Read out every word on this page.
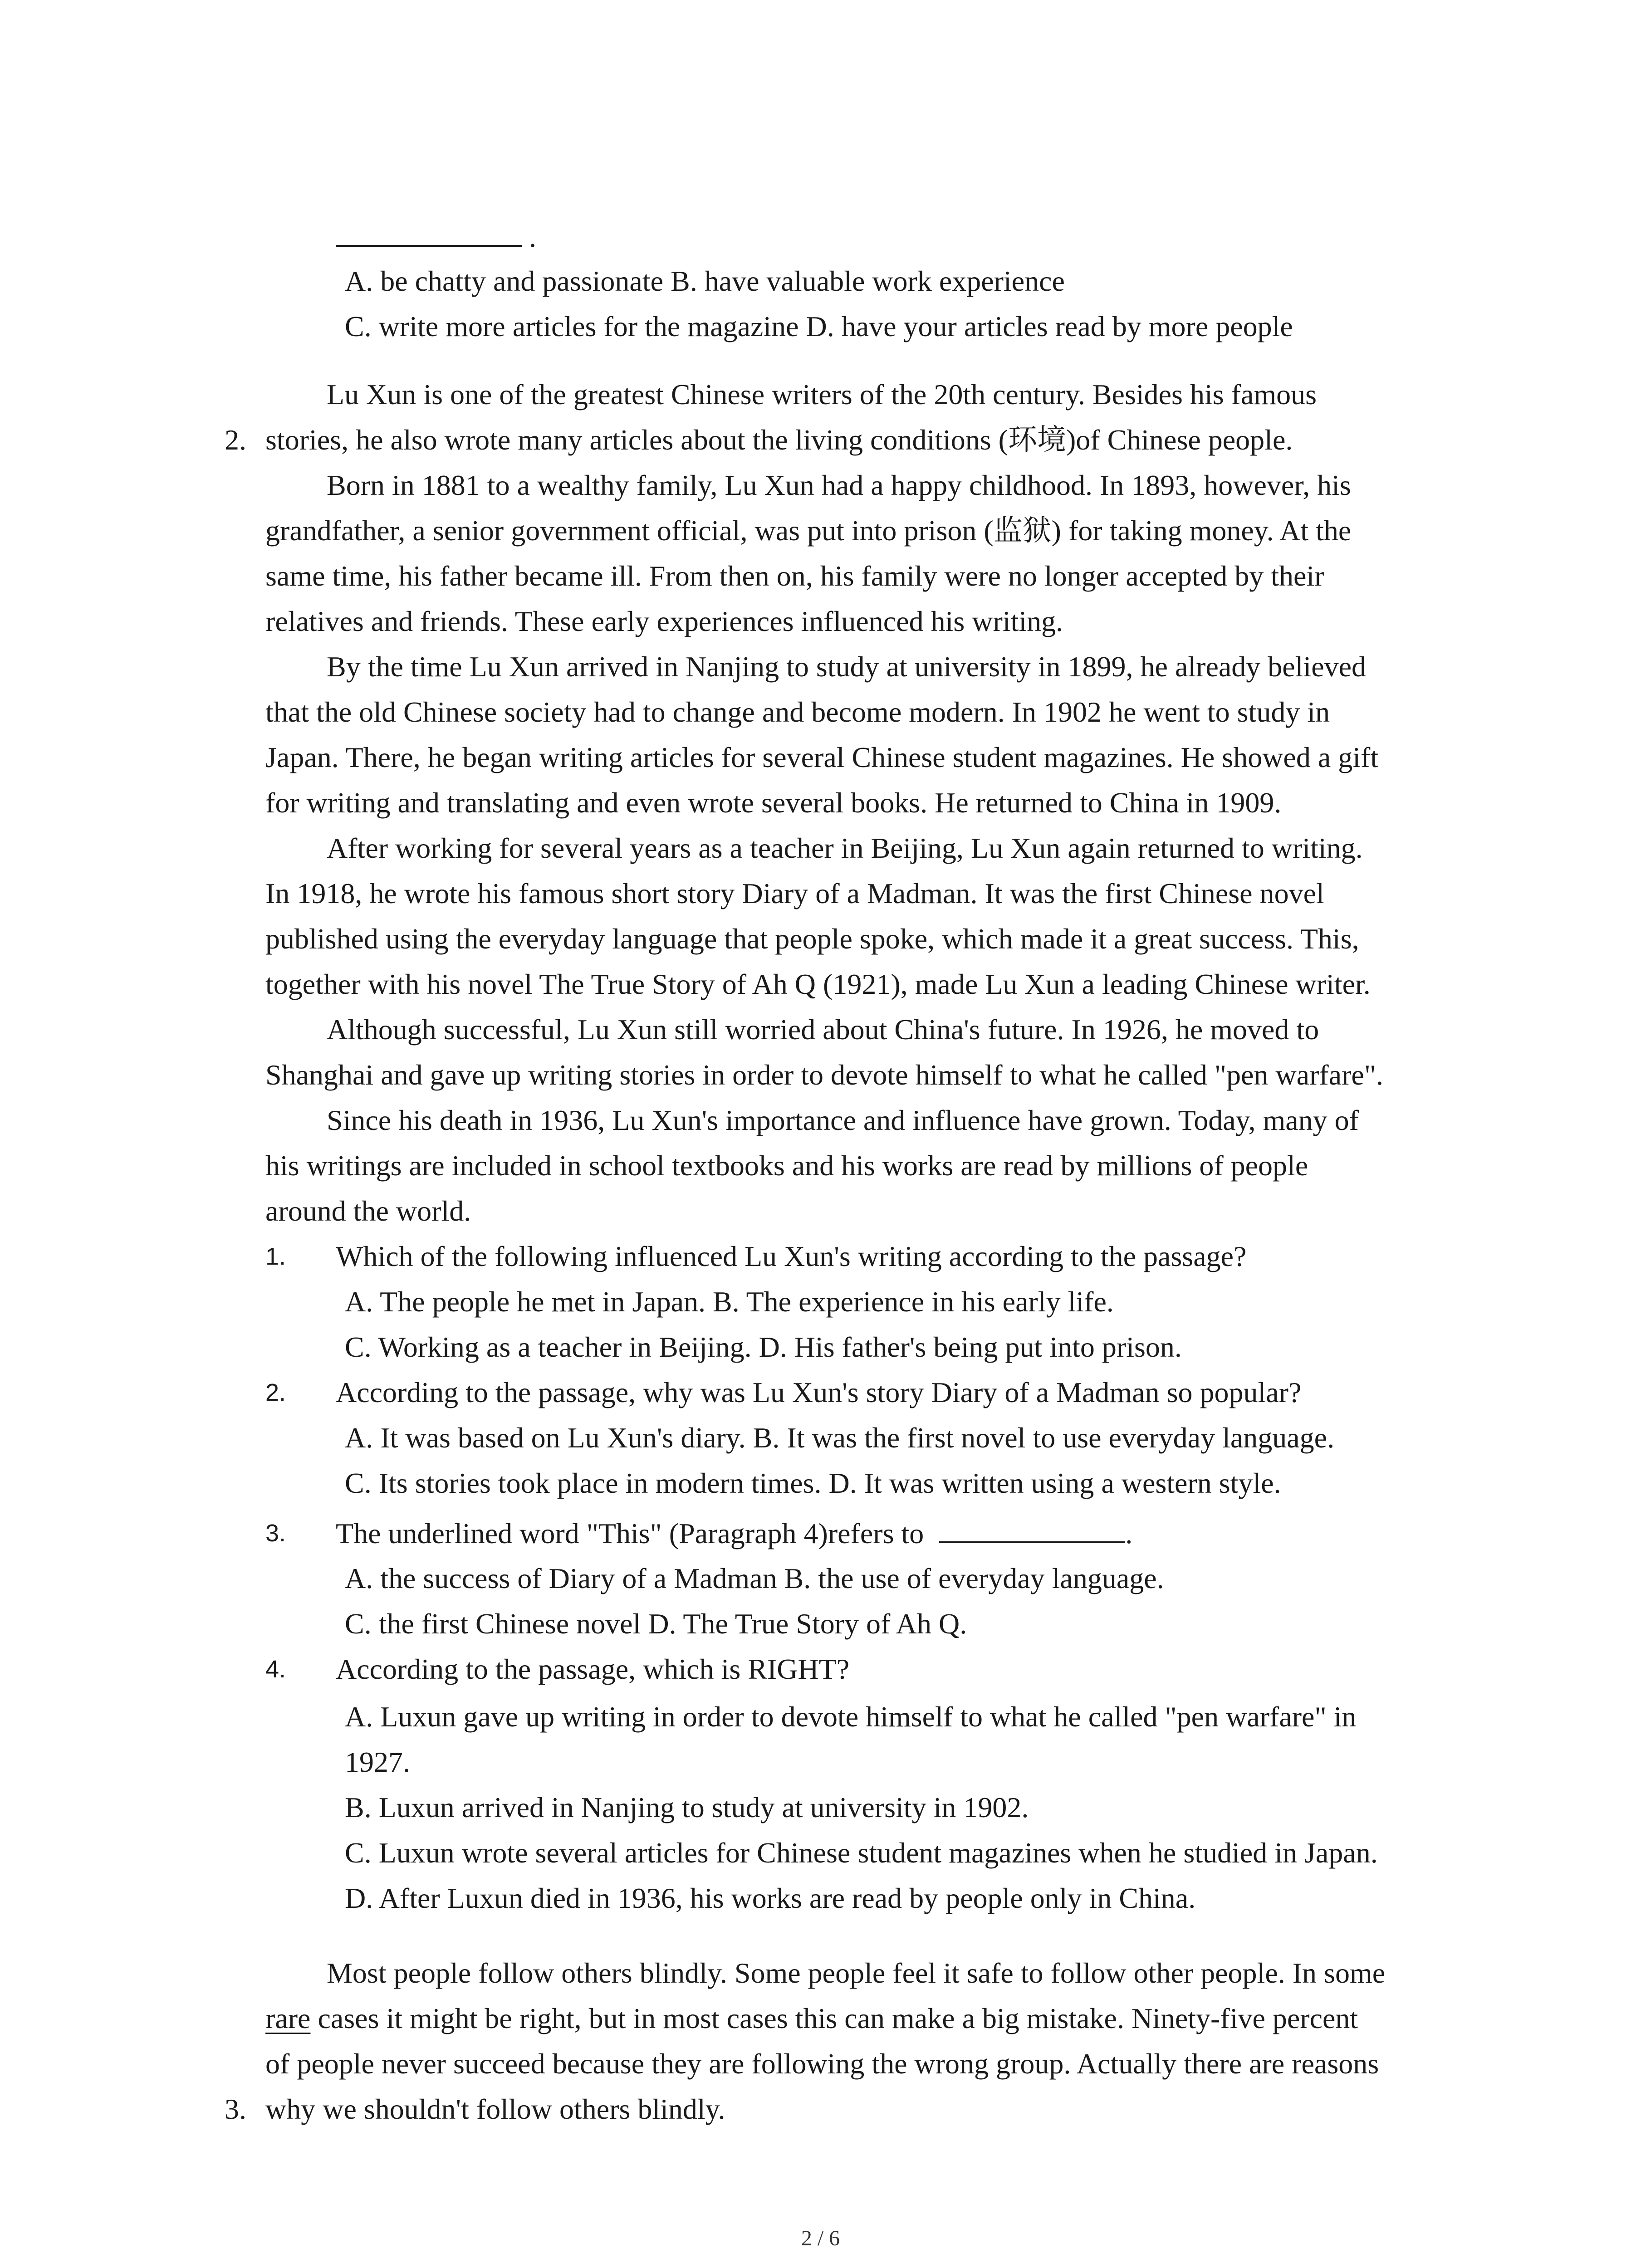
.
A. be chatty and passionate B. have valuable work experience
C. write more articles for the magazine D. have your articles read by more people
2.
Lu Xun is one of the greatest Chinese writers of the 20th century. Besides his famous
stories, he also wrote many articles about the living conditions (环境)of Chinese people.
Born in 1881 to a wealthy family, Lu Xun had a happy childhood. In 1893, however, his
grandfather, a senior government official, was put into prison (监狱) for taking money. At the
same time, his father became ill. From then on, his family were no longer accepted by their
relatives and friends. These early experiences influenced his writing.
By the time Lu Xun arrived in Nanjing to study at university in 1899, he already believed
that the old Chinese society had to change and become modern. In 1902 he went to study in
Japan. There, he began writing articles for several Chinese student magazines. He showed a gift
for writing and translating and even wrote several books. He returned to China in 1909.
After working for several years as a teacher in Beijing, Lu Xun again returned to writing.
In 1918, he wrote his famous short story Diary of a Madman. It was the first Chinese novel
published using the everyday language that people spoke, which made it a great success. This,
together with his novel The True Story of Ah Q (1921), made Lu Xun a leading Chinese writer.
Although successful, Lu Xun still worried about China's future. In 1926, he moved to
Shanghai and gave up writing stories in order to devote himself to what he called "pen warfare".
Since his death in 1936, Lu Xun's importance and influence have grown. Today, many of
his writings are included in school textbooks and his works are read by millions of people
around the world.
1. Which of the following influenced Lu Xun's writing according to the passage?
A. The people he met in Japan. B. The experience in his early life.
C. Working as a teacher in Beijing. D. His father's being put into prison.
2. According to the passage, why was Lu Xun's story Diary of a Madman so popular?
A. It was based on Lu Xun's diary. B. It was the first novel to use everyday language.
C. Its stories took place in modern times. D. It was written using a western style.
3. The underlined word "This" (Paragraph 4)refers to	.
A. the success of Diary of a Madman B. the use of everyday language.
C. the first Chinese novel D. The True Story of Ah Q.
4. According to the passage, which is RIGHT?
A. Luxun gave up writing in order to devote himself to what he called "pen warfare" in
1927.
B. Luxun arrived in Nanjing to study at university in 1902.
C. Luxun wrote several articles for Chinese student magazines when he studied in Japan.
D. After Luxun died in 1936, his works are read by people only in China.
Most people follow others blindly. Some people feel it safe to follow other people. In some
rare cases it might be right, but in most cases this can make a big mistake. Ninety-five percent
of people never succeed because they are following the wrong group. Actually there are reasons
3. why we shouldn't follow others blindly.
2 / 6
